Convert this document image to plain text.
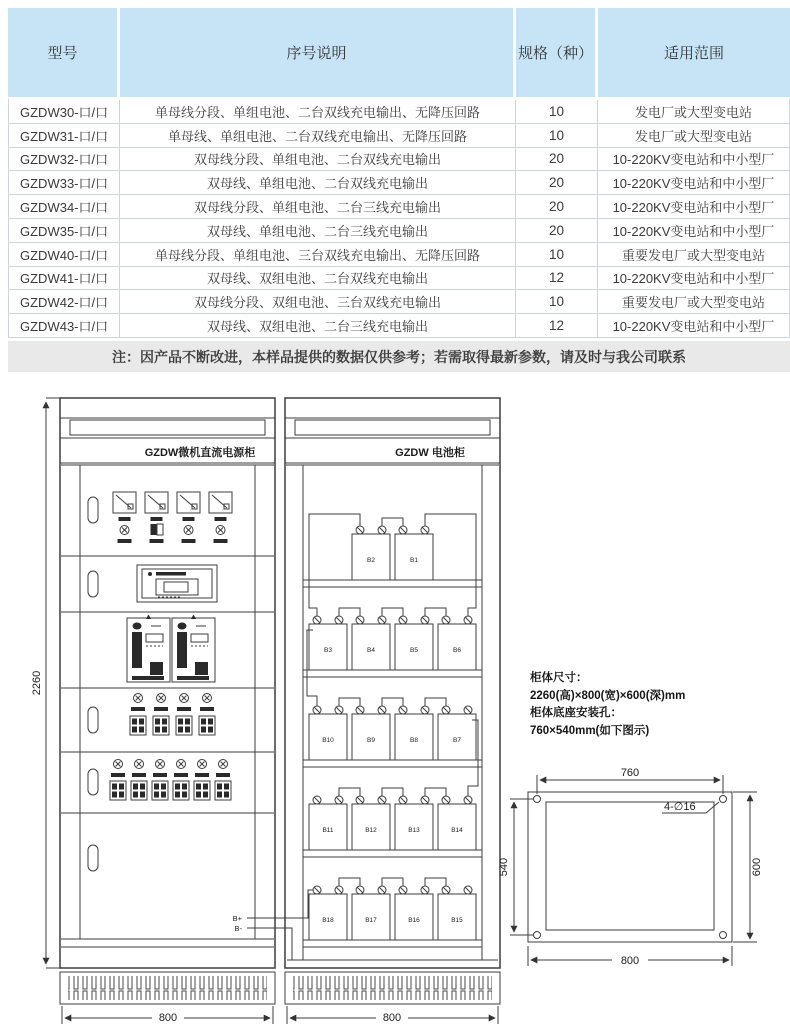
型号	序号说明	规格（种）	适用范围
GZDW30-口/口	单母线分段、单组电池、二台双线充电输出、无降压回路	10	发电厂或大型变电站
GZDW31-口/口	单母线、单组电池、二台双线充电输出、无降压回路	10	发电厂或大型变电站
GZDW32-口/口	双母线分段、单组电池、二台双线充电输出	20	10-220KV变电站和中小型厂
GZDW33-口/口	双母线、单组电池、二台双线充电输出	20	10-220KV变电站和中小型厂
GZDW34-口/口	双母线分段、单组电池、二台三线充电输出	20	10-220KV变电站和中小型厂
GZDW35-口/口	双母线、单组电池、二台三线充电输出	20	10-220KV变电站和中小型厂
GZDW40-口/口	单母线分段、单组电池、三台双线充电输出、无降压回路	10	重要发电厂或大型变电站
GZDW41-口/口	双母线、双组电池、二台双线充电输出	12	10-220KV变电站和中小型厂
GZDW42-口/口	双母线分段、双组电池、三台双线充电输出	10	重要发电厂或大型变电站
GZDW43-口/口	双母线、双组电池、二台三线充电输出	12	10-220KV变电站和中小型厂
注：因产品不断改进，本样品提供的数据仅供参考；若需取得最新参数，请及时与我公司联系
柜体尺寸：
2260(高)×800(宽)×600(深)mm
柜体底座安装孔：
760×540mm(如下图示)
GZDW微机直流电源柜
B+
B-
GZDW 电池柜
B2	B1
B3	B4	B5	B6
B10	B9	B8	B7
B11	B12	B13	B14
B18	B17	B16	B15
2260
800	800
760
800
600
540
4-∅16
